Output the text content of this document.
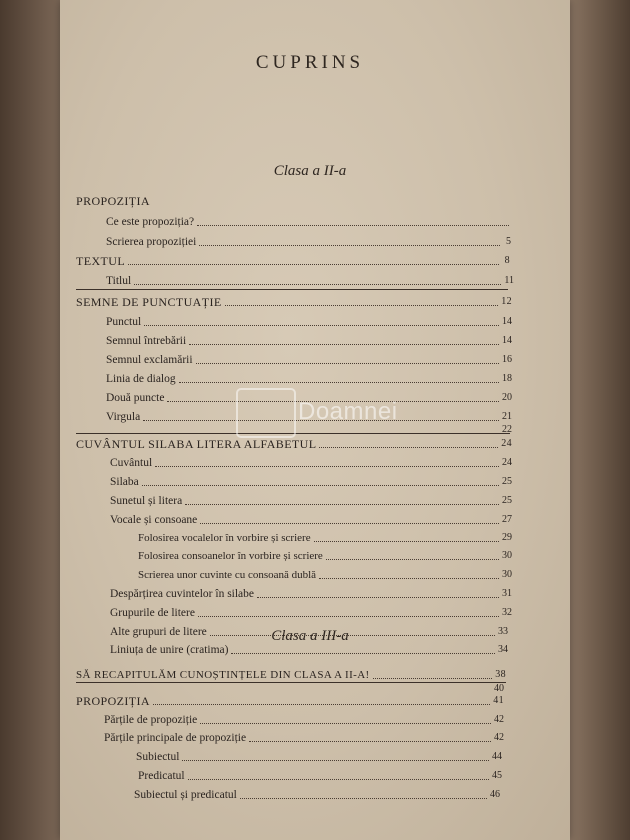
CUPRINS
Clasa a II-a
Clasa a III-a
PROPOZIȚIA
Ce este propoziția?
Scrierea propoziției	5
TEXTUL	8
Titlul	11
SEMNE DE PUNCTUAȚIE	12
Punctul	14
Semnul întrebării	14
Semnul exclamării	16
Linia de dialog	18
Două puncte	20
Virgula	21
22
CUVÂNTUL SILABA LITERA ALFABETUL	24
Cuvântul	24
Silaba	25
Sunetul și litera	25
Vocale și consoane	27
Folosirea vocalelor în vorbire și scriere	29
Folosirea consoanelor în vorbire și scriere	30
Scrierea unor cuvinte cu consoană dublă	30
Despărțirea cuvintelor în silabe	31
Grupurile de litere	32
Alte grupuri de litere	33
Liniuța de unire (cratima)	34
SĂ RECAPITULĂM CUNOȘTINȚELE DIN CLASA A II-A!	38
40
PROPOZIȚIA	41
Părțile de propoziție	42
Părțile principale de propoziție	42
Subiectul	44
Predicatul	45
Subiectul și predicatul	46
Doamnei
